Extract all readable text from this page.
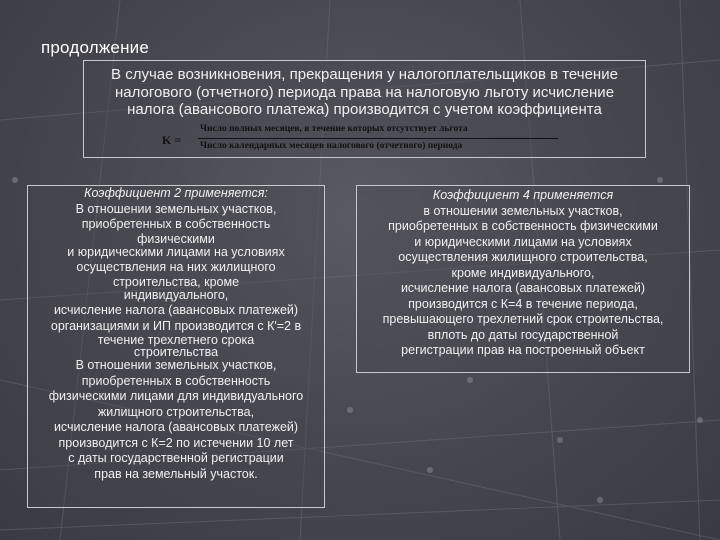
продолжение
В случае возникновения, прекращения у налогоплательщиков в течение
налогового (отчетного) периода права на налоговую льготу исчисление
налога (авансового платежа) производится с учетом коэффициента
K =
Число полных месяцев, в течение которых отсутствует льгота
Число календарных месяцев налогового (отчетного) периода
Коэффициент 2 применяется:
В отношении земельных участков,
приобретенных в собственность
физическими
и юридическими лицами на условиях
осуществления на них жилищного
строительства, кроме
индивидуального,
исчисление налога (авансовых платежей)
организациями и ИП производится с К'=2 в
течение трехлетнего срока
строительства
В отношении земельных участков,
приобретенных в собственность
физическими лицами для индивидуального
жилищного строительства,
исчисление налога (авансовых платежей)
производится с К=2 по истечении 10 лет
с даты государственной регистрации
прав на земельный участок.
Коэффициент 4 применяется
в отношении земельных участков,
приобретенных в собственность физическими
и юридическими лицами на условиях
осуществления жилищного строительства,
кроме индивидуального,
исчисление налога (авансовых платежей)
производится с К=4 в течение периода,
превышающего трехлетний срок строительства,
вплоть до даты государственной
регистрации прав на построенный объект
